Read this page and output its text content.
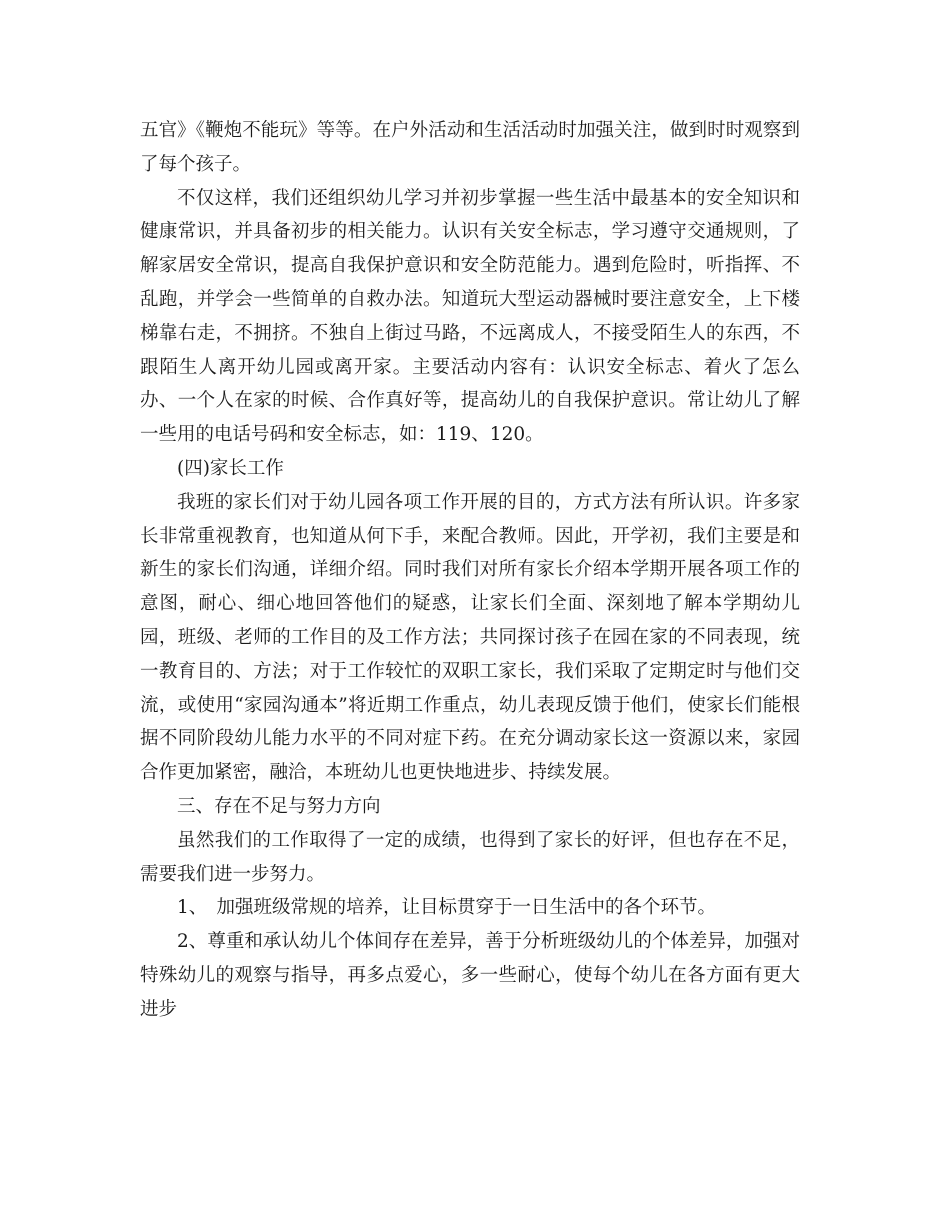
五官》《鞭炮不能玩》等等。在户外活动和生活活动时加强关注，做到时时观察到了每个孩子。

不仅这样，我们还组织幼儿学习并初步掌握一些生活中最基本的安全知识和健康常识，并具备初步的相关能力。认识有关安全标志，学习遵守交通规则，了解家居安全常识，提高自我保护意识和安全防范能力。遇到危险时，听指挥、不乱跑，并学会一些简单的自救办法。知道玩大型运动器械时要注意安全，上下楼梯靠右走，不拥挤。不独自上街过马路，不远离成人，不接受陌生人的东西，不跟陌生人离开幼儿园或离开家。主要活动内容有：认识安全标志、着火了怎么办、一个人在家的时候、合作真好等，提高幼儿的自我保护意识。常让幼儿了解一些用的电话号码和安全标志，如：119、120。

(四)家长工作

我班的家长们对于幼儿园各项工作开展的目的，方式方法有所认识。许多家长非常重视教育，也知道从何下手，来配合教师。因此，开学初，我们主要是和新生的家长们沟通，详细介绍。同时我们对所有家长介绍本学期开展各项工作的意图，耐心、细心地回答他们的疑惑，让家长们全面、深刻地了解本学期幼儿园，班级、老师的工作目的及工作方法；共同探讨孩子在园在家的不同表现，统一教育目的、方法；对于工作较忙的双职工家长，我们采取了定期定时与他们交流，或使用“家园沟通本”将近期工作重点，幼儿表现反馈于他们，使家长们能根据不同阶段幼儿能力水平的不同对症下药。在充分调动家长这一资源以来，家园合作更加紧密，融洽，本班幼儿也更快地进步、持续发展。

三、存在不足与努力方向

虽然我们的工作取得了一定的成绩，也得到了家长的好评，但也存在不足，需要我们进一步努力。

1、　加强班级常规的培养，让目标贯穿于一日生活中的各个环节。

2、尊重和承认幼儿个体间存在差异，善于分析班级幼儿的个体差异，加强对特殊幼儿的观察与指导，再多点爱心，多一些耐心，使每个幼儿在各方面有更大进步
